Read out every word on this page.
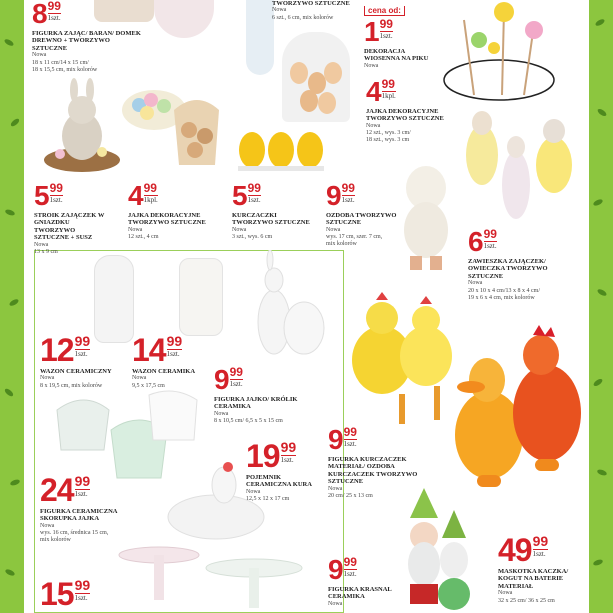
8 99
1szt.
FIGURKA ZAJĄC/ BARAN/ DOMEK DREWNO + TWORZYWO SZTUCZNE
Nowa
18 x 11 cm/14 x 15 cm/
18 x 15,5 cm, mix kolorów
TWORZYWO SZTUCZNE
Nowa
6 szt., 6 cm, mix kolorów
cena od:
1 99
1szt.
DEKORACJA WIOSENNA NA PIKU
Nowa
4 99
1kpl.
JAJKA DEKORACYJNE TWORZYWO SZTUCZNE
Nowa
12 szt., wys. 3 cm/
18 szt., wys. 3 cm
5 99
1szt.
STROIK ZAJĄCZEK W GNIAZDKU TWORZYWO SZTUCZNE + SUSZ
Nowa
13 x 9 cm
4 99
1kpl.
JAJKA DEKORACYJNE TWORZYWO SZTUCZNE
Nowa
12 szt., 4 cm
5 99
1szt.
KURCZACZKI TWORZYWO SZTUCZNE
Nowa
3 szt., wys. 6 cm
9 99
1szt.
OZDOBA TWORZYWO SZTUCZNE
Nowa
wys. 17 cm, szer. 7 cm,
mix kolorów	6 99
1szt.
ZAWIESZKA ZAJĄCZEK/ OWIECZKA TWORZYWO SZTUCZNE
Nowa
20 x 10 x 4 cm/13 x 8 x 4 cm/
19 x 6 x 4 cm, mix kolorów
12 99
1szt.
WAZON CERAMICZNY
Nowa
8 x 19,5 cm, mix kolorów
14 99
1szt.
WAZON CERAMIKA
Nowa
9,5 x 17,5 cm	9 99
1szt.
FIGURKA JAJKO/ KRÓLIK CERAMIKA
Nowa
8 x 10,5 cm/ 6,5 x 5 x 15 cm
19 99
1szt.
POJEMNIK CERAMICZNA KURA
Nowa
12,5 x 12 x 17 cm
24 99
1szt.
FIGURKA CERAMICZNA SKORUPKA JAJKA
Nowa
wys. 16 cm, średnica 15 cm,
mix kolorów
9 99
1szt.
FIGURKA KURCZACZEK MATERIAŁ/ OZDOBA KURCZACZEK TWORZYWO SZTUCZNE
Nowa
20 cm/ 25 x 13 cm
49 99
1szt.
MASKOTKA KACZKA/ KOGUT NA BATERIE MATERIAŁ
Nowa
32 x 25 cm/ 36 x 25 cm
9 99
1szt.
FIGURKA KRASNAL CERAMIKA
Nowa
15 99
1szt.
